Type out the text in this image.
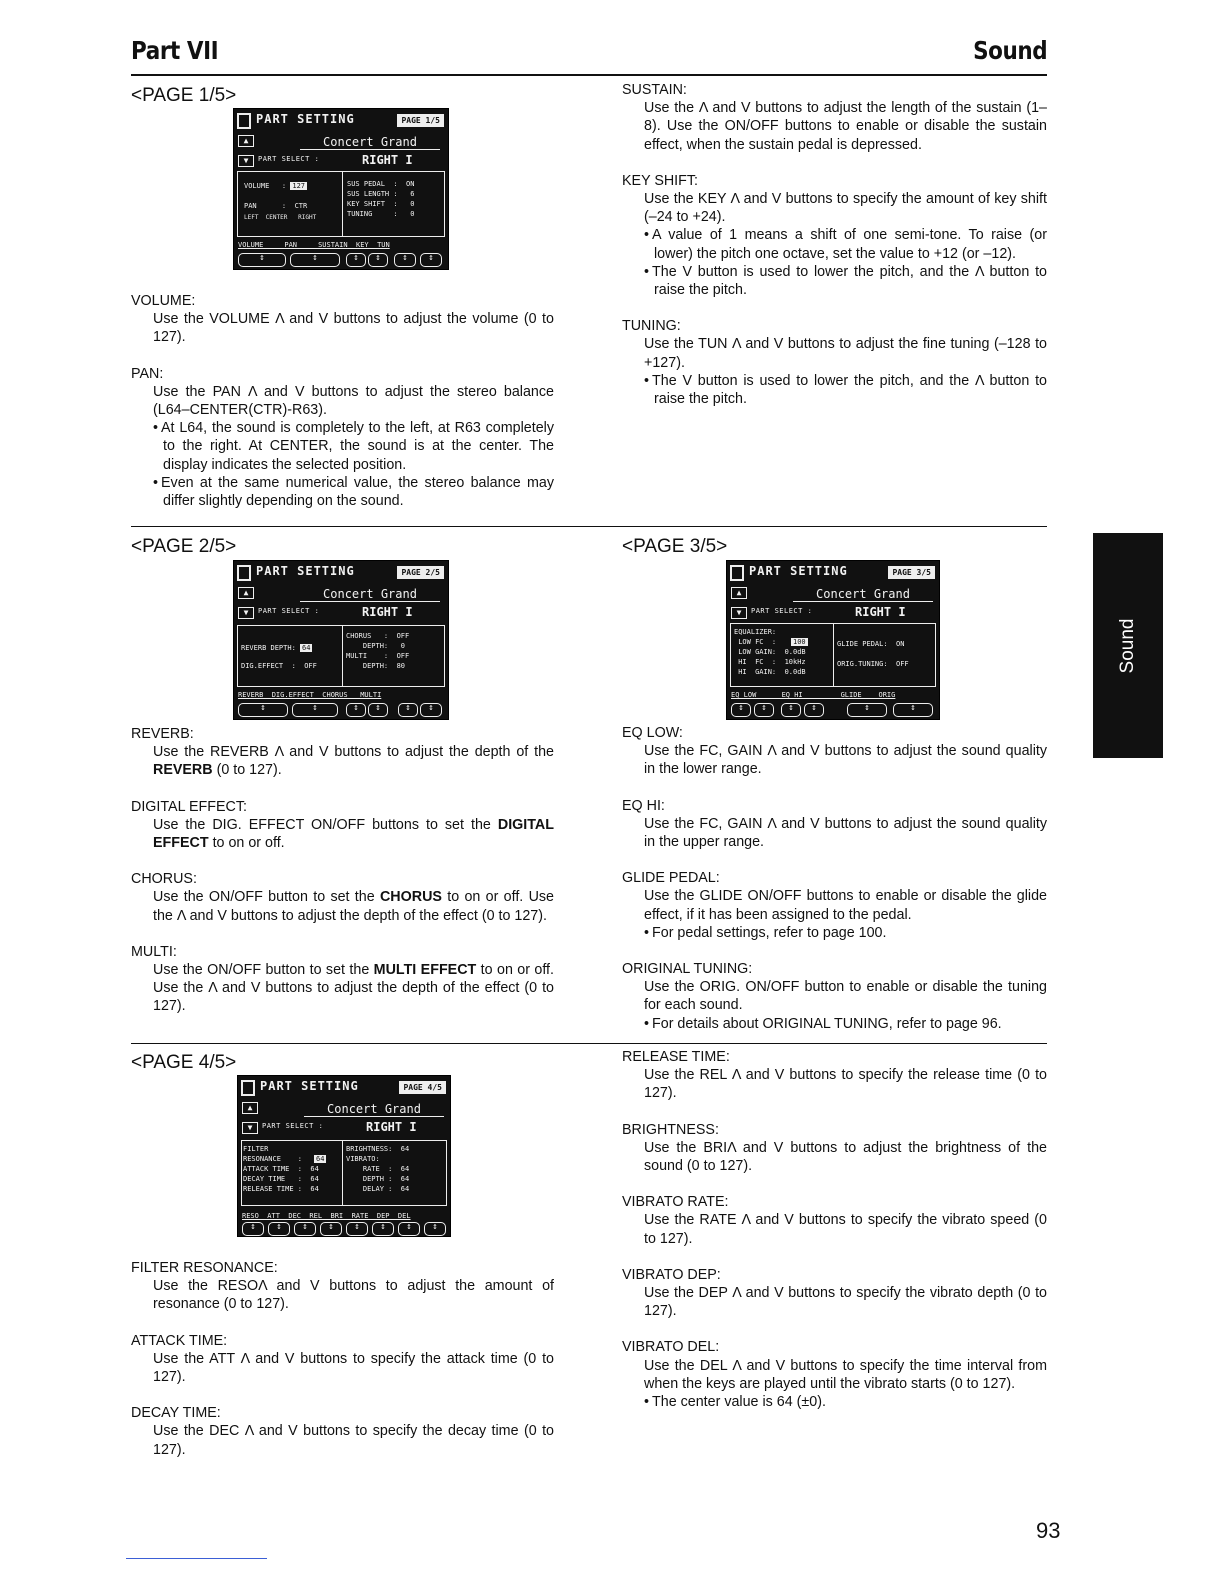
Part VII	Sound
<PAGE 1/5>
<PAGE 2/5>	<PAGE 3/5>
<PAGE 4/5>
PART SETTING	PAGE 1/5
▲
▼
Concert Grand
PART SELECT :	RIGHT I
VOLUME   : 127
PAN      :  CTR
LEFT  CENTER   RIGHT
SUS PEDAL  :  ON
SUS LENGTH :   6
KEY SHIFT  :   0
TUNING     :   0
VOLUME     PAN     SUSTAIN  KEY  TUN
↕
↕
↕
↕
↕
↕
PART SETTING	PAGE 2/5
▲
▼
Concert Grand
PART SELECT :	RIGHT I
REVERB DEPTH: 64
DIG.EFFECT  :  OFF
CHORUS   :  OFF
DEPTH:   0
MULTI    :  OFF
DEPTH:  80
REVERB  DIG.EFFECT  CHORUS   MULTI
↕
↕
↕
↕
↕
↕
PART SETTING	PAGE 3/5
▲
▼
Concert Grand
PART SELECT :	RIGHT I
EQUALIZER:
LOW FC  :
LOW GAIN:  0.0dB
HI  FC  :  10kHz
HI  GAIN:  0.0dB
100	GLIDE PEDAL:  ON

ORIG.TUNING:  OFF
EQ LOW      EQ HI         GLIDE    ORIG
↕
↕
↕
↕
↕
↕
PART SETTING	PAGE 4/5
▲
▼
Concert Grand
PART SELECT :	RIGHT I
FILTER
RESONANCE    :
ATTACK TIME  :  64
DECAY TIME   :  64
RELEASE TIME :  64
64
BRIGHTNESS:  64
VIBRATO:
RATE  :  64
DEPTH :  64
DELAY :  64
RESO  ATT  DEC  REL  BRI  RATE  DEP  DEL
↕
↕
↕
↕
↕
↕
↕
↕
VOLUME:
Use the VOLUME Λ and V buttons to adjust the volume (0 to 127).
PAN:
Use the PAN Λ and V buttons to adjust the stereo balance (L64–CENTER(CTR)-R63).
• At L64, the sound is completely to the left, at R63 completely to the right. At CENTER, the sound is at the center. The display indicates the selected position.
• Even at the same numerical value, the stereo balance may differ slightly depending on the sound.
SUSTAIN:
Use the Λ and V buttons to adjust the length of the sustain (1–8). Use the ON/OFF buttons to enable or disable the sustain effect, when the sustain pedal is depressed.
KEY SHIFT:
Use the KEY Λ and V buttons to specify the amount of key shift (–24 to +24).
• A value of 1 means a shift of one semi-tone. To raise (or lower) the pitch one octave, set the value to +12 (or –12).
• The V button is used to lower the pitch, and the Λ button to raise the pitch.
TUNING:
Use the TUN Λ and V buttons to adjust the fine tuning (–128 to +127).
• The V button is used to lower the pitch, and the Λ button to raise the pitch.
REVERB:
Use the REVERB Λ and V buttons to adjust the depth of the REVERB (0 to 127).
DIGITAL EFFECT:
Use the DIG. EFFECT ON/OFF buttons to set the DIGITAL EFFECT to on or off.
CHORUS:
Use the ON/OFF button to set the CHORUS to on or off. Use the Λ and V buttons to adjust the depth of the effect (0 to 127).
MULTI:
Use the ON/OFF button to set the MULTI EFFECT to on or off. Use the Λ and V buttons to adjust the depth of the effect (0 to 127).
EQ LOW:
Use the FC, GAIN Λ and V buttons to adjust the sound quality in the lower range.
EQ HI:
Use the FC, GAIN Λ and V buttons to adjust the sound quality in the upper range.
GLIDE PEDAL:
Use the GLIDE ON/OFF buttons to enable or disable the glide effect, if it has been assigned to the pedal.
• For pedal settings, refer to page 100.
ORIGINAL TUNING:
Use the ORIG. ON/OFF button to enable or disable the tuning for each sound.
• For details about ORIGINAL TUNING, refer to page 96.
FILTER RESONANCE:
Use the RESOΛ and V buttons to adjust the amount of resonance (0 to 127).
ATTACK TIME:
Use the ATT Λ and V buttons to specify the attack time (0 to 127).
DECAY TIME:
Use the DEC Λ and V buttons to specify the decay time (0 to 127).
RELEASE TIME:
Use the REL Λ and V buttons to specify the release time (0 to 127).
BRIGHTNESS:
Use the BRIΛ and V buttons to adjust the brightness of the sound (0 to 127).
VIBRATO RATE:
Use the RATE Λ and V buttons to specify the vibrato speed (0 to 127).
VIBRATO DEP:
Use the DEP Λ and V buttons to specify the vibrato depth (0 to 127).
VIBRATO DEL:
Use the DEL Λ and V buttons to specify the time interval from when the keys are played until the vibrato starts (0 to 127).
• The center value is 64 (±0).
Sound
93
